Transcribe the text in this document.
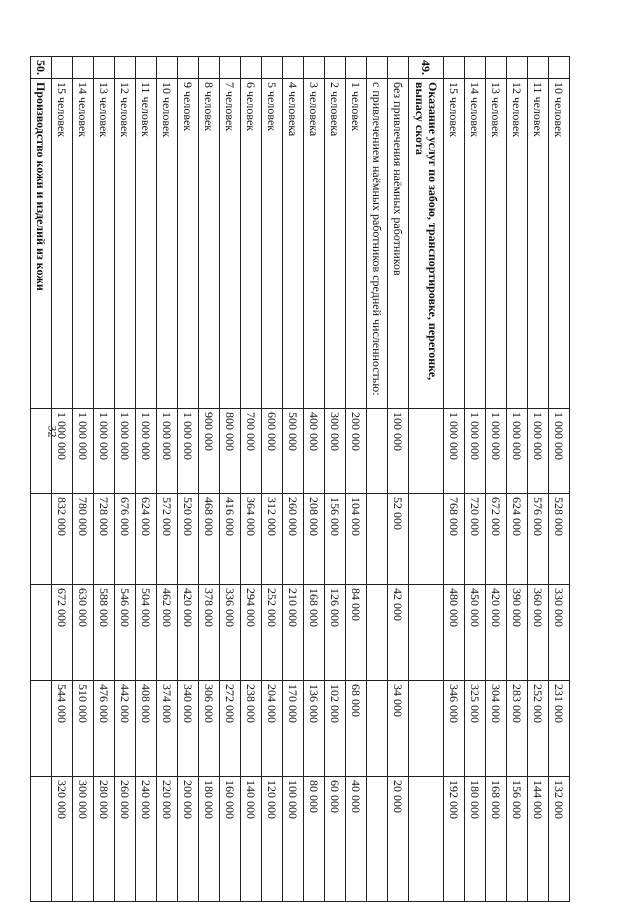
32
	10 человек	1 000 000	528 000	330 000	231 000	132 000
	11 человек	1 000 000	576 000	360 000	252 000	144 000
	12 человек	1 000 000	624 000	390 000	283 000	156 000
	13 человек	1 000 000	672 000	420 000	304 000	168 000
	14 человек	1 000 000	720 000	450 000	325 000	180 000
	15 человек	1 000 000	768 000	480 000	346 000	192 000
49.	Оказание услуг по забою, транспортировке, перегонке, выпасу скота					
	без привлечения наёмных работников	100 000	52 000	42 000	34 000	20 000
	с привлечением наёмных работников средней численностью:					
	1 человек	200 000	104 000	84 000	68 000	40 000
	2 человека	300 000	156 000	126 000	102 000	60 000
	3 человека	400 000	208 000	168 000	136 000	80 000
	4 человека	500 000	260 000	210 000	170 000	100 000
	5 человек	600 000	312 000	252 000	204 000	120 000
	6 человек	700 000	364 000	294 000	238 000	140 000
	7 человек	800 000	416 000	336 000	272 000	160 000
	8 человек	900 000	468 000	378 000	306 000	180 000
	9 человек	1 000 000	520 000	420 000	340 000	200 000
	10 человек	1 000 000	572 000	462 000	374 000	220 000
	11 человек	1 000 000	624 000	504 000	408 000	240 000
	12 человек	1 000 000	676 000	546 000	442 000	260 000
	13 человек	1 000 000	728 000	588 000	476 000	280 000
	14 человек	1 000 000	780 000	630 000	510 000	300 000
	15 человек	1 000 000	832 000	672 000	544 000	320 000
50.	Производство кожи и изделий из кожи					
